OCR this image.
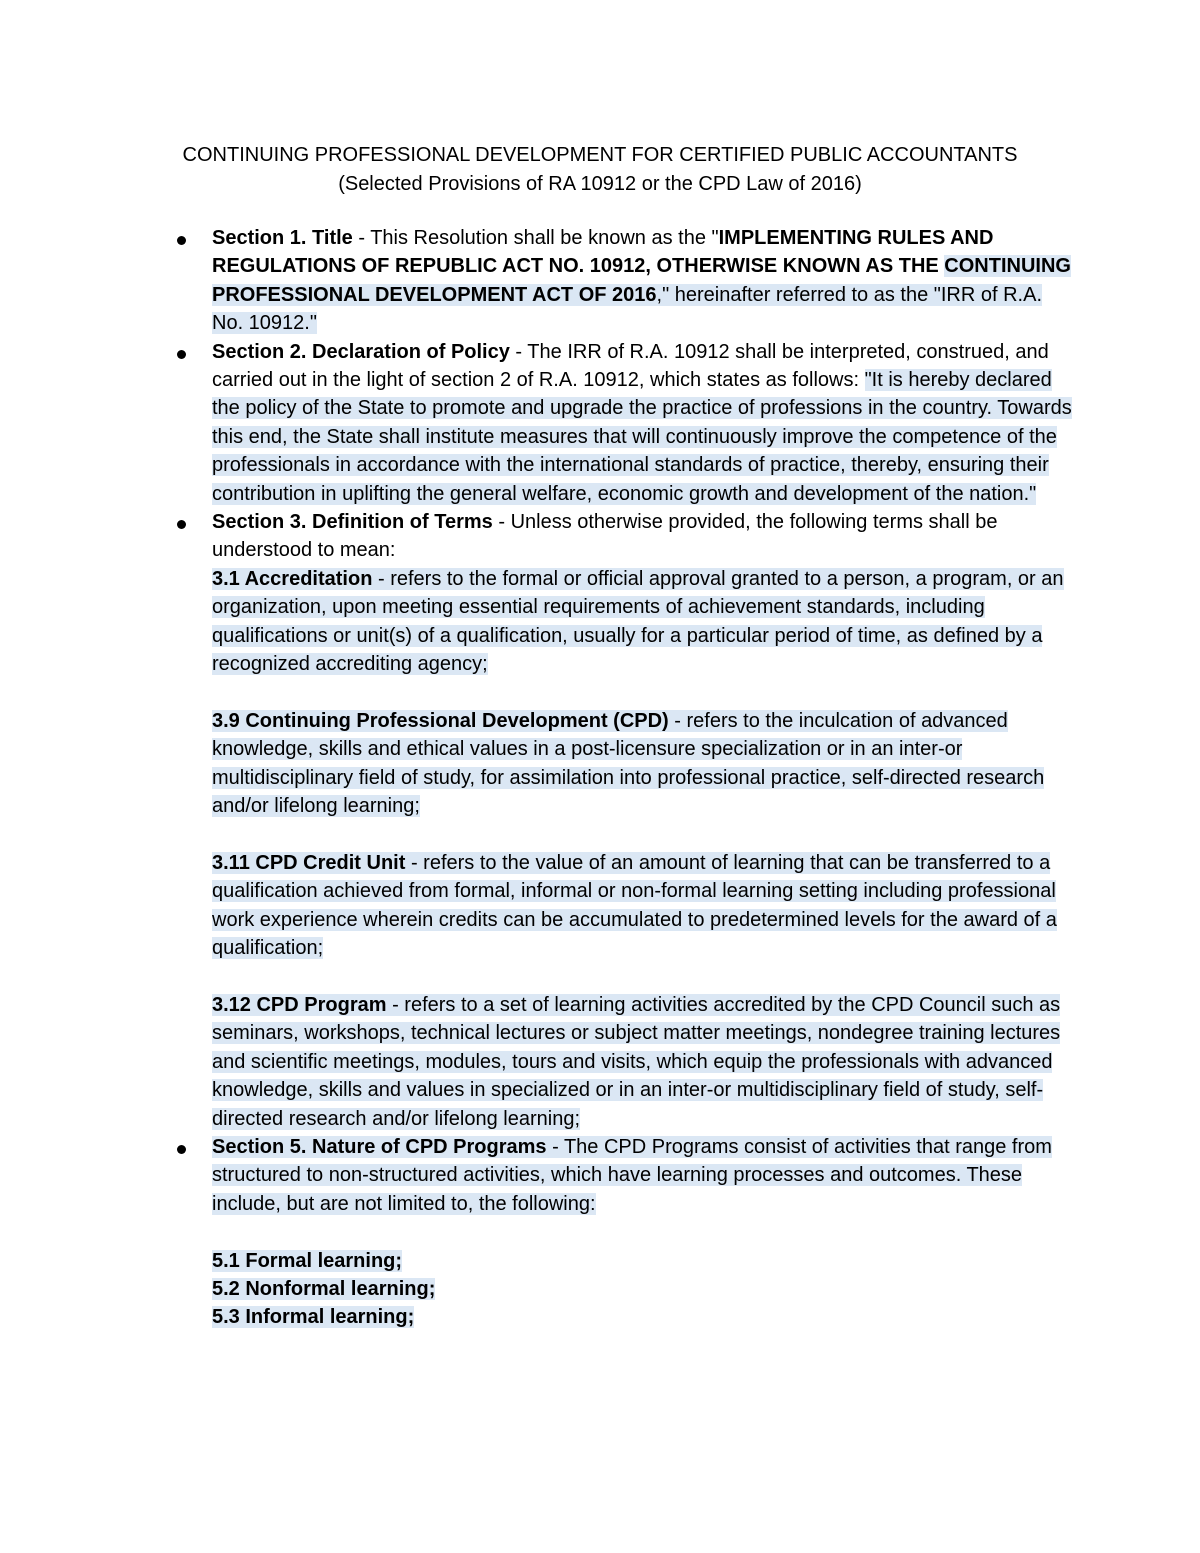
CONTINUING PROFESSIONAL DEVELOPMENT FOR CERTIFIED PUBLIC ACCOUNTANTS
(Selected Provisions of RA 10912 or the CPD Law of 2016)
Section 1. Title - This Resolution shall be known as the "IMPLEMENTING RULES AND REGULATIONS OF REPUBLIC ACT NO. 10912, OTHERWISE KNOWN AS THE CONTINUING PROFESSIONAL DEVELOPMENT ACT OF 2016," hereinafter referred to as the "IRR of R.A. No. 10912."
Section 2. Declaration of Policy - The IRR of R.A. 10912 shall be interpreted, construed, and carried out in the light of section 2 of R.A. 10912, which states as follows: "It is hereby declared the policy of the State to promote and upgrade the practice of professions in the country. Towards this end, the State shall institute measures that will continuously improve the competence of the professionals in accordance with the international standards of practice, thereby, ensuring their contribution in uplifting the general welfare, economic growth and development of the nation."
Section 3. Definition of Terms - Unless otherwise provided, the following terms shall be
understood to mean:
3.1 Accreditation - refers to the formal or official approval granted to a person, a program, or an organization, upon meeting essential requirements of achievement standards, including qualifications or unit(s) of a qualification, usually for a particular period of time, as defined by a recognized accrediting agency;
3.9 Continuing Professional Development (CPD) - refers to the inculcation of advanced knowledge, skills and ethical values in a post-licensure specialization or in an inter-or multidisciplinary field of study, for assimilation into professional practice, self-directed research and/or lifelong learning;
3.11 CPD Credit Unit - refers to the value of an amount of learning that can be transferred to a qualification achieved from formal, informal or non-formal learning setting including professional work experience wherein credits can be accumulated to predetermined levels for the award of a qualification;
3.12 CPD Program - refers to a set of learning activities accredited by the CPD Council such as seminars, workshops, technical lectures or subject matter meetings, nondegree training lectures and scientific meetings, modules, tours and visits, which equip the professionals with advanced knowledge, skills and values in specialized or in an inter-or multidisciplinary field of study, self-directed research and/or lifelong learning;
Section 5. Nature of CPD Programs - The CPD Programs consist of activities that range from structured to non-structured activities, which have learning processes and outcomes. These include, but are not limited to, the following:
5.1 Formal learning;
5.2 Nonformal learning;
5.3 Informal learning;
